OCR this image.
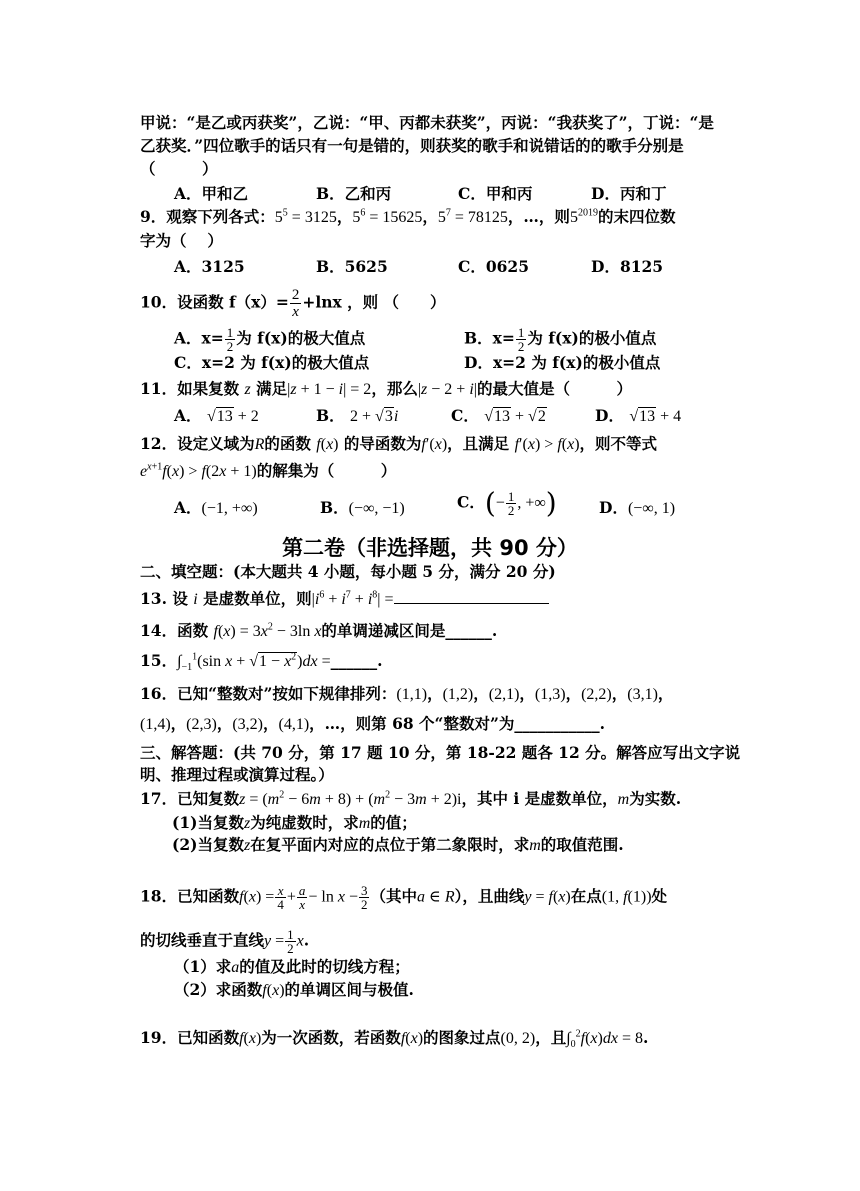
甲说：“是乙或丙获奖”，乙说：“甲、丙都未获奖”，丙说：“我获奖了”，丁说：“是
乙获奖．”四位歌手的话只有一句是错的，则获奖的歌手和说错话的的歌手分别是
（　　　）
A．甲和乙	B．乙和丙	C．甲和丙	D．丙和丁
9．观察下列各式：$5^5 = 3125$，$5^6 = 15625$，$5^7 = 78125$，…，则$5^{2019}$的末四位数
字为（　 ）
A．3125	B．5625	C．0625	D．8125
10．设函数 $f(x)= \frac{2}{x} +\ln x$ ，则 （　　）
A．$x= \frac{1}{2}$ 为 f(x)的极大值点	B．$x= \frac{1}{2}$ 为 f(x)的极小值点
C．x=2 为 f(x)的极大值点	D．x=2 为 f(x)的极小值点
11．如果复数 z 满足|z + 1 − i| = 2，那么|z − 2 + i|的最大值是（　　　）
A． √13 + 2	B． 2 + √3i	C． √13 + √2	D． √13 + 4
12．设定义域为R的函数 f(x) 的导函数为f′(x)，且满足 f′(x) > f(x)，则不等式
$e^{x+1}f(x) > f(2x + 1)$的解集为（　　　）
A．(−1, +∞)	B．(−∞, −1)	C．(− $\frac{1}{2}$ , +∞)	D．(−∞, 1)
第二卷（非选择题，共 90 分）
二、填空题：(本大题共 4 小题，每小题 5 分，满分 20 分)
13. 设 i 是虚数单位，则$|i^6 + i^7 + i^8|$ =
14．函数 $f(x) = 3x^2 - 3\ln$ x的单调递减区间是______.
15．$\int_{-1}^1(\sin$ $x + √1 - x^2)dx$ =______.
16．已知“整数对”按如下规律排列：(1,1)，(1,2)，(2,1)，(1,3)，(2,2)，(3,1)，
(1,4)，(2,3)，(3,2)，(4,1)，…，则第 68 个“整数对”为___________.
三、解答题：(共 70 分，第 17 题 10 分，第 18-22 题各 12 分。解答应写出文字说
明、推理过程或演算过程。）
17．已知复数$z = (m^2 - 6m + 8) + (m^2 - 3m + 2)i$，其中 i 是虚数单位，m为实数.
(1)当复数z为纯虚数时，求m的值；
(2)当复数z在复平面内对应的点位于第二象限时，求m的取值范围.
18．已知函数$f(x) = \frac{x}{4} + \frac{a}{x} - \ln x - \frac{3}{2}$ （其中a ∈ R），且曲线y = f(x)在点(1, f(1))处
的切线垂直于直线$y = \frac{1}{2} x$.
（1）求a的值及此时的切线方程；
（2）求函数f(x)的单调区间与极值.
19．已知函数f(x)为一次函数，若函数f(x)的图象过点(0, 2)，且$\int_0^2f(x)dx = 8$.
